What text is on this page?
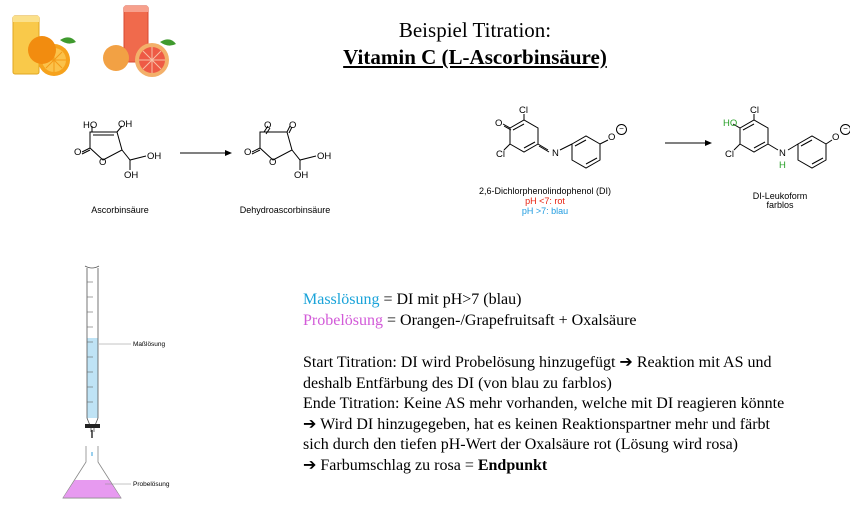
Beispiel Titration:
Vitamin C (L-Ascorbinsäure)
HO OH
O
O
OH
OH
Ascorbinsäure
O O
O
O
OH
OH
Dehydroascorbinsäure
Cl
O
Cl	N
O
−
2,6-Dichlorphenolindophenol (DI)
pH <7: rot
pH >7: blau
HO
Cl
Cl	N
H
O
−
DI-Leukoform
farblos
Maßlösung
Probelösung
Masslösung = DI mit pH>7 (blau)
Probelösung = Orangen-/Grapefruitsaft + Oxalsäure
Start Titration: DI wird Probelösung hinzugefügt ➔ Reaktion mit AS und
deshalb Entfärbung des DI (von blau zu farblos)
Ende Titration: Keine AS mehr vorhanden, welche mit DI reagieren könnte
➔ Wird DI hinzugegeben, hat es keinen Reaktionspartner mehr und färbt
sich durch den tiefen pH-Wert der Oxalsäure rot (Lösung wird rosa)
➔ Farbumschlag zu rosa = Endpunkt
